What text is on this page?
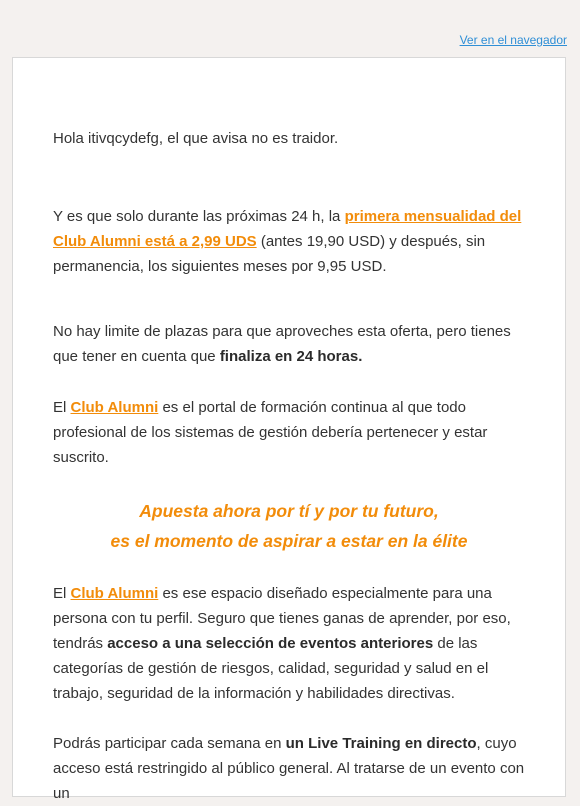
Ver en el navegador

Hola itivqcydefg, el que avisa no es traidor.

Y es que solo durante las próximas 24 h, la primera mensualidad del Club Alumni está a 2,99 UDS (antes 19,90 USD) y después, sin permanencia, los siguientes meses por 9,95 USD.

No hay limite de plazas para que aproveches esta oferta, pero tienes que tener en cuenta que finaliza en 24 horas.

El Club Alumni es el portal de formación continua al que todo profesional de los sistemas de gestión debería pertenecer y estar suscrito.

Apuesta ahora por tí y por tu futuro,

es el momento de aspirar a estar en la élite

El Club Alumni es ese espacio diseñado especialmente para una persona con tu perfil. Seguro que tienes ganas de aprender, por eso, tendrás acceso a una selección de eventos anteriores de las categorías de gestión de riesgos, calidad, seguridad y salud en el trabajo, seguridad de la información y habilidades directivas.

Podrás participar cada semana en un Live Training en directo, cuyo acceso está restringido al público general. Al tratarse de un evento con un
